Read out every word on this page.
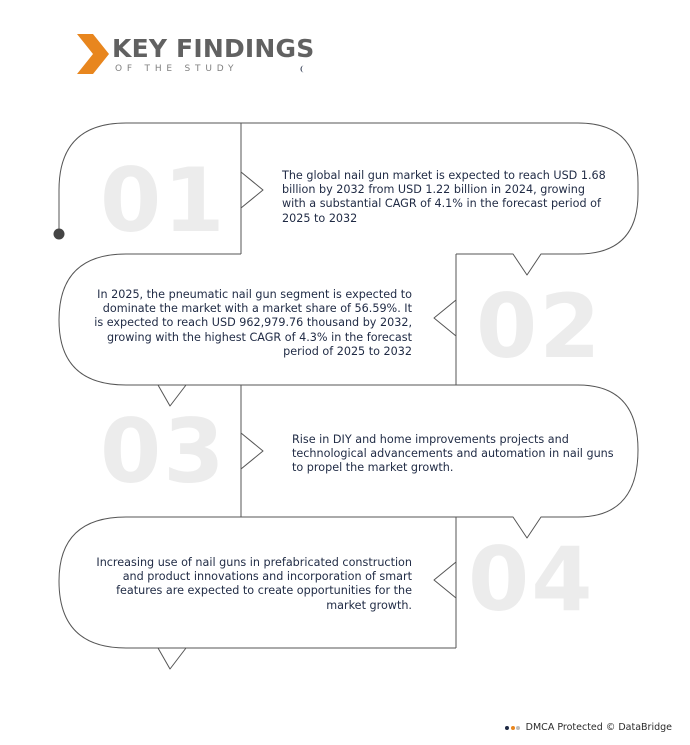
KEY FINDINGS
OF THE STUDY
01
02
03
04
The global nail gun market is expected to reach USD 1.68 billion by 2032 from USD 1.22 billion in 2024, growing with a substantial CAGR of 4.1% in the forecast period of 2025 to 2032
In 2025, the pneumatic nail gun segment is expected to dominate the market with a market share of 56.59%. It is expected to reach USD 962,979.76 thousand by 2032, growing with the highest CAGR of 4.3% in the forecast period of 2025 to 2032
Rise in DIY and home improvements projects and technological advancements and automation in nail guns to propel the market growth.
Increasing use of nail guns in prefabricated construction and product innovations and incorporation of smart features are expected to create opportunities for the market growth.
DMCA Protected © DataBridge
